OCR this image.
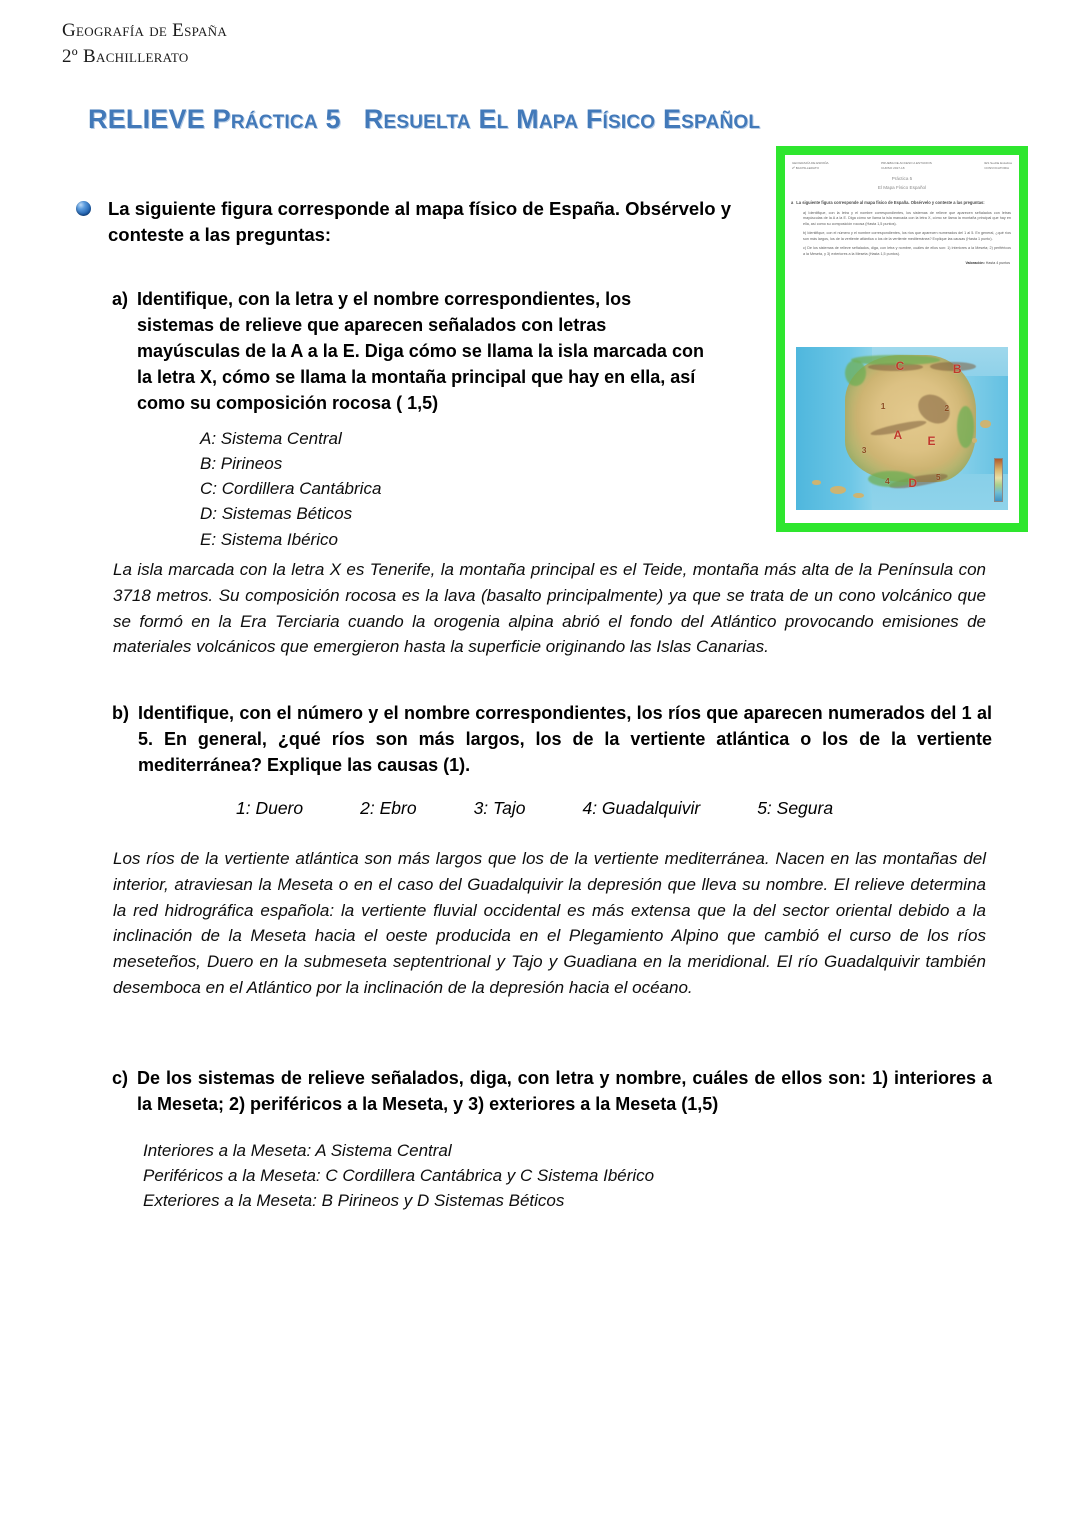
Geografía de España
2º Bachillerato
RELIEVE Práctica 5 Resuelta El Mapa Físico Español
La siguiente figura corresponde al mapa físico de España. Obsérvelo y conteste a las preguntas:
a) Identifique, con la letra y el nombre correspondientes, los sistemas de relieve que aparecen señalados con letras mayúsculas de la A a la E. Diga cómo se llama la isla marcada con la letra X, cómo se llama la montaña principal que hay en ella, así como su composición rocosa ( 1,5)
A: Sistema Central
B: Pirineos
C: Cordillera Cantábrica
D: Sistemas Béticos
E: Sistema Ibérico
La isla marcada con la letra X es Tenerife, la montaña principal es el Teide, montaña más alta de la Península con 3718 metros. Su composición rocosa es la lava (basalto principalmente) ya que se trata de un cono volcánico que se formó en la Era Terciaria cuando la orogenia alpina abrió el fondo del Atlántico provocando emisiones de materiales volcánicos que emergieron hasta la superficie originando las Islas Canarias.
b) Identifique, con el número y el nombre correspondientes, los ríos que aparecen numerados del 1 al 5. En general, ¿qué ríos son más largos, los de la vertiente atlántica o los de la vertiente mediterránea? Explique las causas (1).
1: Duero	2: Ebro	3: Tajo	4: Guadalquivir	5: Segura
Los ríos de la vertiente atlántica son más largos que los de la vertiente mediterránea. Nacen en las montañas del interior, atraviesan la Meseta o en el caso del Guadalquivir la depresión que lleva su nombre. El relieve determina la red hidrográfica española: la vertiente fluvial occidental es más extensa que la del sector oriental debido a la inclinación de la Meseta hacia el oeste producida en el Plegamiento Alpino que cambió el curso de los ríos meseteños, Duero en la submeseta septentrional y Tajo y Guadiana en la meridional. El río Guadalquivir también desemboca en el Atlántico por la inclinación de la depresión hacia el océano.
c) De los sistemas de relieve señalados, diga, con letra y nombre, cuáles de ellos son: 1) interiores a la Meseta; 2) periféricos a la Meseta, y 3) exteriores a la Meseta (1,5)
Interiores a la Meseta: A Sistema Central
Periféricos a la Meseta: C Cordillera Cantábrica y C Sistema Ibérico
Exteriores a la Meseta: B Pirineos y D Sistemas Béticos
GEOGRAFÍA DE ESPAÑA
2º BACHILLERATO
PRUEBA DE ACCESO A ESTUDIOS
CURSO 2017-18
IES Sevilla Estudios
CONVOCATORIA
Práctica 5
El Mapa Físico Español
a La siguiente figura corresponde al mapa físico de España. Obsérvelo y conteste a las preguntas:
a) Identifique, con la letra y el nombre correspondientes, los sistemas de relieve que aparecen señalados con letras mayúsculas de la A a la E. Diga cómo se llama la isla marcada con la letra X, cómo se llama la montaña principal que hay en ella, así como su composición rocosa (Hasta 1,5 puntos).
b) Identifique, con el número y el nombre correspondientes, los ríos que aparecen numerados del 1 al 5. En general, ¿qué ríos son más largos, los de la vertiente atlántica o los de la vertiente mediterránea? Explique las causas (Hasta 1 punto).
c) De los sistemas de relieve señalados, diga, con letra y nombre, cuáles de ellos son: 1) interiores a la Meseta; 2) periféricos a la Meseta, y 3) exteriores a la Meseta (Hasta 1,5 puntos).
Valoración: Hasta 4 puntos
A
B
C
D
E
1	2
3
4	5
